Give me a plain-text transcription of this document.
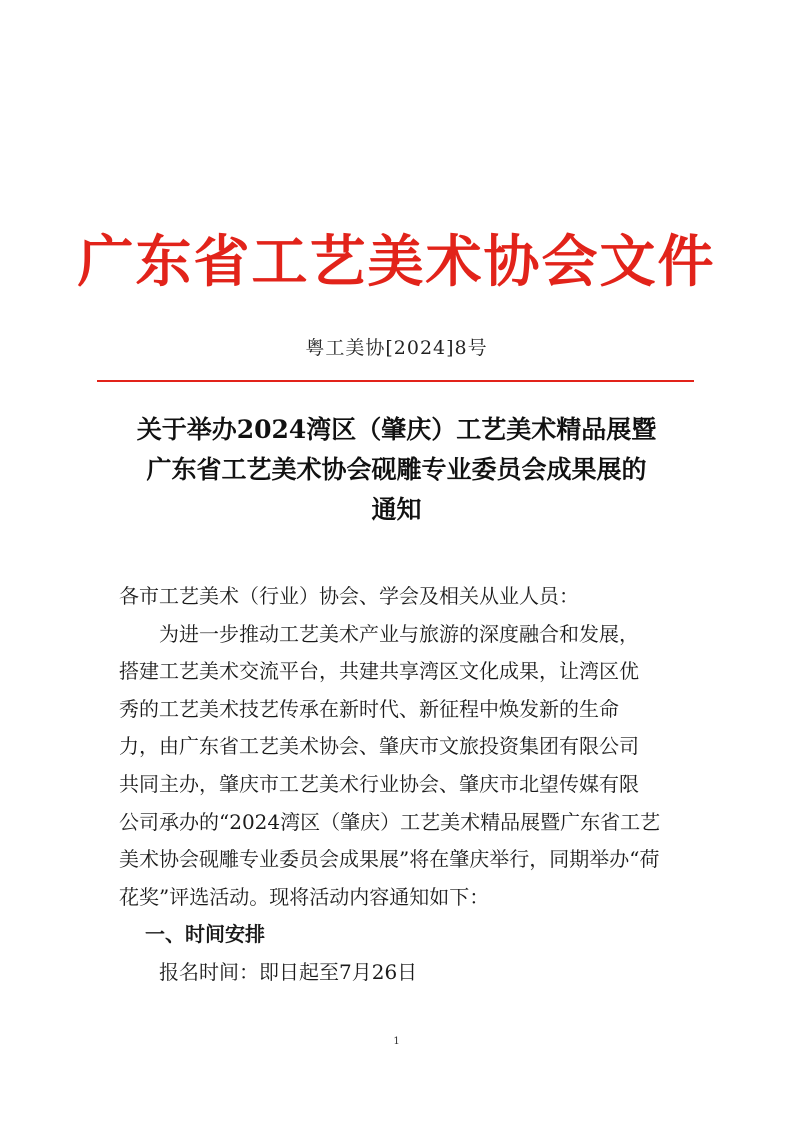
广东省工艺美术协会文件
粤工美协[2024]8号
关于举办2024湾区（肇庆）工艺美术精品展暨
广东省工艺美术协会砚雕专业委员会成果展的
通知
各市工艺美术（行业）协会、学会及相关从业人员：
为进一步推动工艺美术产业与旅游的深度融合和发展，
搭建工艺美术交流平台，共建共享湾区文化成果，让湾区优
秀的工艺美术技艺传承在新时代、新征程中焕发新的生命
力，由广东省工艺美术协会、肇庆市文旅投资集团有限公司
共同主办，肇庆市工艺美术行业协会、肇庆市北望传媒有限
公司承办的“2024湾区（肇庆）工艺美术精品展暨广东省工艺
美术协会砚雕专业委员会成果展”将在肇庆举行，同期举办“荷
花奖”评选活动。现将活动内容通知如下：
一、时间安排
报名时间：即日起至7月26日
1
